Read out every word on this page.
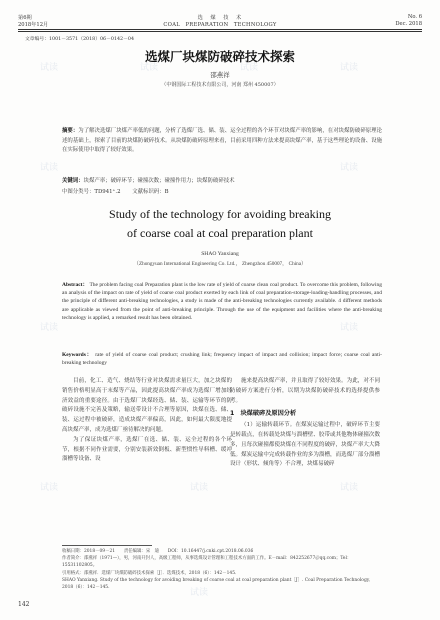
试读	试读	试读	试读
试读	试读
试读	试读
试读	试读	试读
试读
第6期	选　煤　技　术	No. 6
2018年12月	COAL　PREPARATION　TECHNOLOGY	Dec. 2018
文章编号：1001－3571（2018）06－0142－04
选煤厂块煤防破碎技术探索
邵燕祥
（中钢国际工程技术有限公司，河南 郑州 450007）
摘要：为了解决选煤厂块煤产率低的问题，分析了选煤厂选、储、装、运全过程的各个环节对块煤产率的影响，在对块煤防破碎原理论述的基础上，探索了目前的块煤防破碎技术。从块煤防破碎原理来看，目前采用四种方法来提高块煤产率，基于这些理论的设备、设施在实际使用中取得了较好效果。
关键词：块煤产率；破碎环节；碰撞次数；碰撞作用力；块煤防破碎技术
中图分类号：TD941⁺.2 文献标识码：B
Study of the technology for avoiding breaking
of coarse coal at coal preparation plant
SHAO Yanxiang
（Zhongyuan International Engineering Co. Ltd.， Zhengzhou 450007， China）
Abstract： The problem facing coal Preparation plant is the low rate of yield of coarse clean coal product. To overcome this problem, following an analysis of the impact on rate of yield of coarse coal product exerted by each link of coal preparation-storage-loading-handling processes, and the principle of different anti-breaking technologies, a study is made of the anti-breaking technologies currently available. 4 different methods are applicable as viewed from the point of anti-breaking principle. Through the use of the equipment and facilities where the anti-breaking technology is applied, a remarked result has been obtained.
Keywords： rate of yield of coarse coal product; crushing link; frequency impact of impact and collision; impact force; coarse coal anti-breaking technology

目前，化工、造气、烧结等行业对块煤需求量巨大，加之块煤的销售价格明显高于末煤等产品，因此提高块煤产率成为选煤厂增加经济效益的重要途径。由于选煤厂块煤经选、储、装、运输等环节的防破碎设施不完善及策略，输送带设计不合理等原因，块煤在选、储、装、运过程中被破碎，造成块煤产率偏高，因此，如何最大限度地提高块煤产率，成为选煤厂亟待解决的问题。

为了保证块煤产率，选煤厂在选、储、装、运全过程的各个环节，根据不同作业需要，分别安装新效倒板、新型惯性导料槽、缓冲溜槽等设备、设

施来提高块煤产率，并且取得了较好效果。为此，对不同防破碎方案进行分析，以期为块煤防破碎技术的选择提供参考。

1　块煤破碎及原因分析

（1）运输转载环节。在煤炭运输过程中，破碎环节主要是转载点，在转载处块煤与溜槽壁、胶带或其他物体碰撞次数多，且每次碰撞都使块煤在不同程度的破碎，块煤产率大大降低。煤炭运输中完成转载作业的多为溜槽，而选煤厂部分溜槽设计（形状、倾角等）不合理，块煤易破碎

收稿日期：2018－09－21　　责任编辑：宋　迪　　DOI：10.16447/j.cnki.cpt.2018.06.036
作者简介：邵燕祥（1971—），男，河南开封人，高级工程师，从事选煤设计管理和工程技术方面的工作。E－mail：842252677＠qq.com；Tel：15531102805。
引用格式：邵燕祥．选煤厂块煤防破碎技术探索［J］．选煤技术，2018（6）：142－145．
SHAO Yanxiang. Study of the technology for avoiding breaking of coarse coal at coal preparation plant［J］. Coal Preparation Technology, 2018（6）：142－145.
142
